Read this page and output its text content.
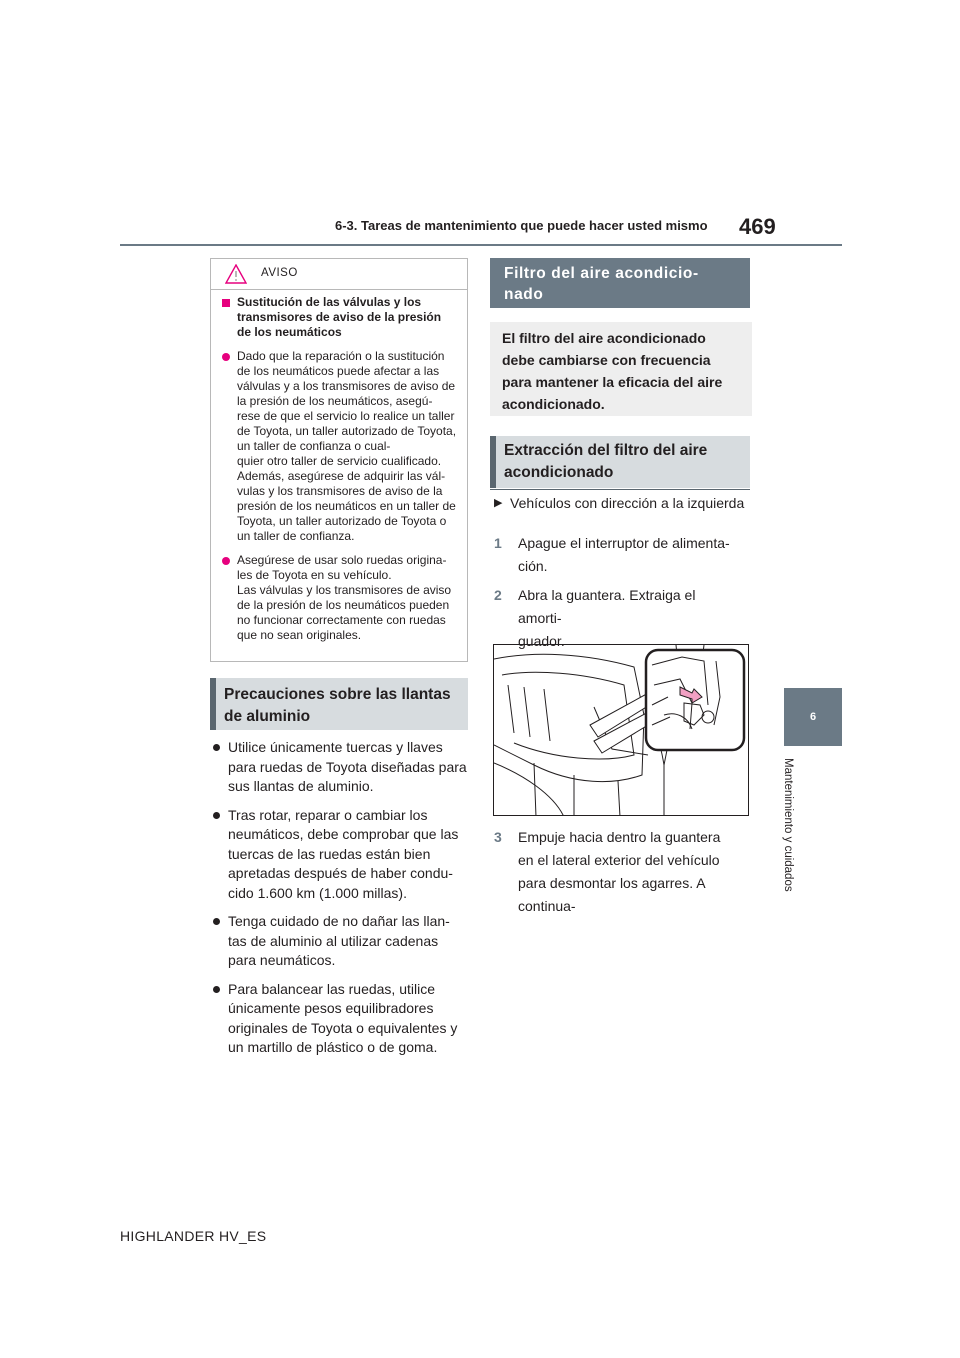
6-3. Tareas de mantenimiento que puede hacer usted mismo 469
6
Mantenimiento y cuidados
AVISO
Sustitución de las válvulas y los transmisores de aviso de la presión de los neumáticos
Dado que la reparación o la sustitución de los neumáticos puede afectar a las válvulas y a los transmisores de aviso de la presión de los neumáticos, asegú-
rese de que el servicio lo realice un taller de Toyota, un taller autorizado de Toyota, un taller de confianza o cual-
quier otro taller de servicio cualificado. Además, asegúrese de adquirir las vál-
vulas y los transmisores de aviso de la presión de los neumáticos en un taller de Toyota, un taller autorizado de Toyota o un taller de confianza.
Asegúrese de usar solo ruedas origina-
les de Toyota en su vehículo.
Las válvulas y los transmisores de aviso de la presión de los neumáticos pueden no funcionar correctamente con ruedas que no sean originales.
Precauciones sobre las llantas de aluminio
Utilice únicamente tuercas y llaves para ruedas de Toyota diseñadas para sus llantas de aluminio.
Tras rotar, reparar o cambiar los neumáticos, debe comprobar que las tuercas de las ruedas están bien apretadas después de haber condu-
cido 1.600 km (1.000 millas).
Tenga cuidado de no dañar las llan-
tas de aluminio al utilizar cadenas para neumáticos.
Para balancear las ruedas, utilice únicamente pesos equilibradores originales de Toyota o equivalentes y un martillo de plástico o de goma.
Filtro del aire acondicio-
nado
El filtro del aire acondicionado debe cambiarse con frecuencia para mantener la eficacia del aire acondicionado.
Extracción del filtro del aire acondicionado
▶ Vehículos con dirección a la izquierda
1	Apague el interruptor de alimenta-
ción.
2	Abra la guantera. Extraiga el amorti-
guador.
3	Empuje hacia dentro la guantera en el lateral exterior del vehículo para desmontar los agarres. A continua-
HIGHLANDER HV_ES
